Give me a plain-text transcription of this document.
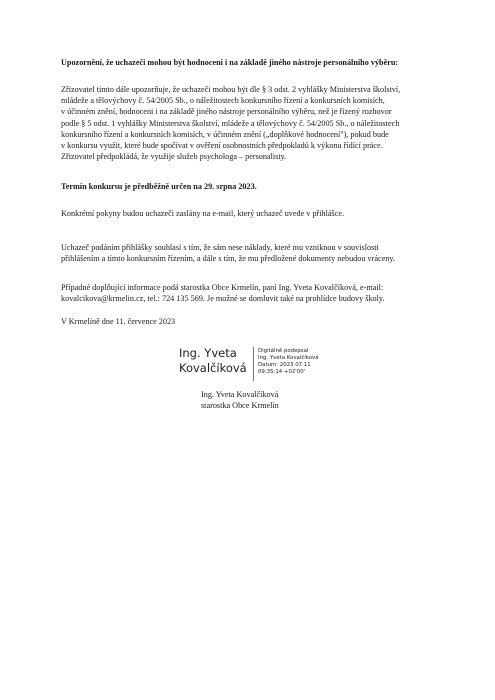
Upozornění, že uchazeči mohou být hodnoceni i na základě jiného nástroje personálního výběru:

Zřizovatel tímto dále upozorňuje, že uchazeči mohou být dle § 3 odst. 2 vyhlášky Ministerstva školství,

mládeže a tělovýchovy č. 54/2005 Sb., o náležitostech konkursního řízení a konkursních komisích,

v účinném znění, hodnoceni i na základě jiného nástroje personálního výběru, než je řízený rozhovor

podle § 5 odst. 1 vyhlášky Ministerstva školství, mládeže a tělovýchovy č. 54/2005 Sb., o náležitostech

konkursního řízení a konkursních komisích, v účinném znění („doplňkové hodnocení"), pokud bude

v konkursu využit, které bude spočívat v ověření osobnostních předpokladů k výkonu řídící práce.

Zřizovatel předpokládá, že využije služeb psychologa – personalisty.

Termín konkursu je předběžně určen na 29. srpna 2023.

Konkrétní pokyny budou uchazeči zaslány na e-mail, který uchazeč uvede v přihlášce.

Uchazeč podáním přihlášky souhlasí s tím, že sám nese náklady, které mu vzniknou v souvislosti

přihlášením a tímto konkursním řízením, a dále s tím, že mu předložené dokumenty nebudou vráceny.

Případné doplňující informace podá starostka Obce Krmelín, paní Ing. Yveta Kovalčíková, e-mail:

kovalcikova@krmelin.cz, tel.: 724 135 569. Je možné se domluvit také na prohlídce budovy školy.

V Krmelíně dne 11. července 2023

Ing. Yveta
Kovalčíková
Digitálně podepsal
Ing. Yveta Kovalčíková
Datum: 2023.07.11
09:35:14 +02'00'

Ing. Yveta Kovalčíková

starostka Obce Krmelín
